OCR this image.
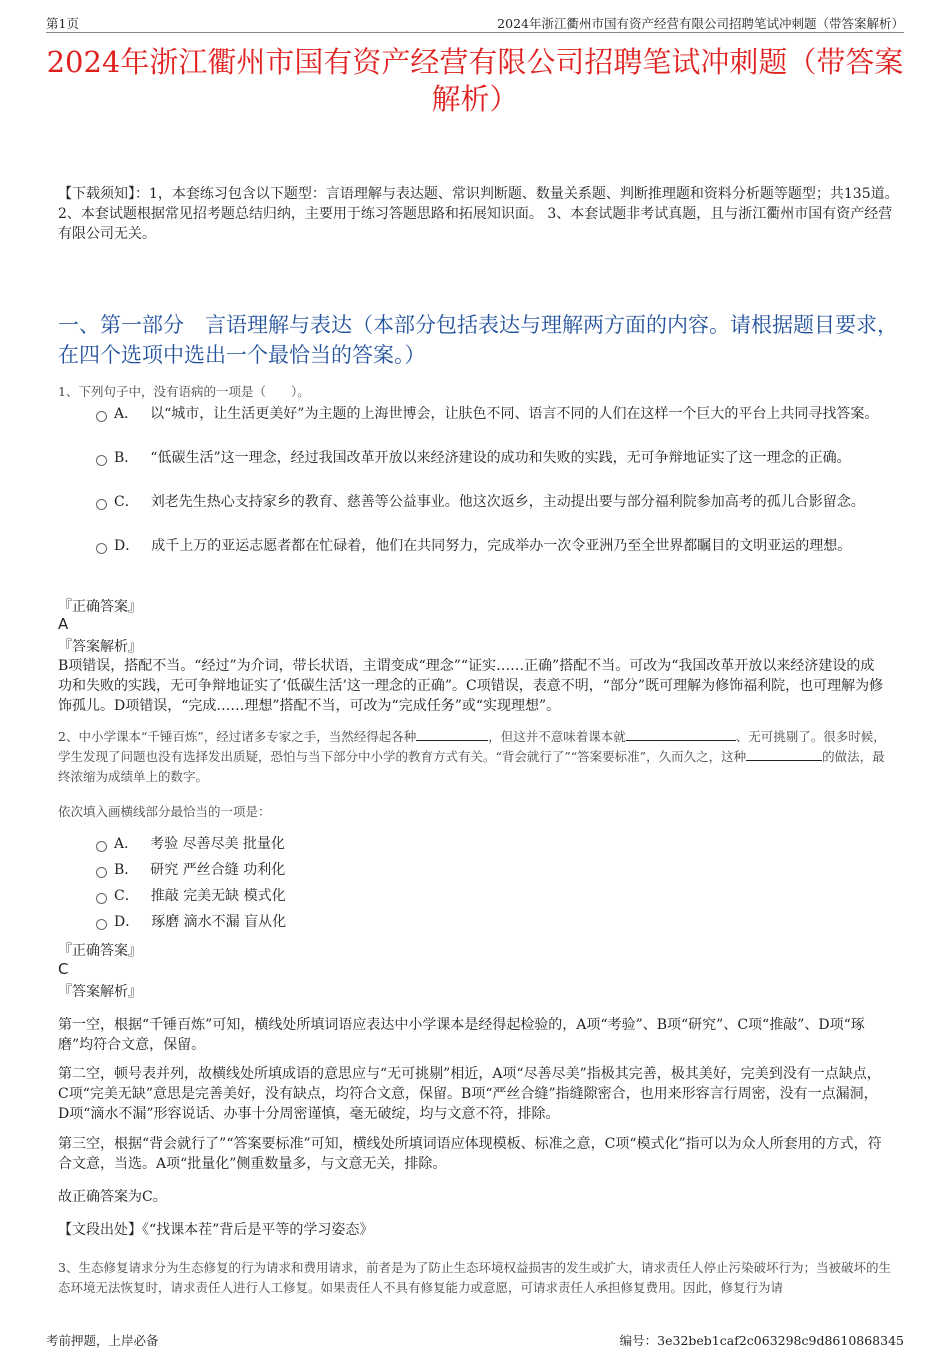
第1页	2024年浙江衢州市国有资产经营有限公司招聘笔试冲刺题（带答案解析）
2024年浙江衢州市国有资产经营有限公司招聘笔试冲刺题（带答案解析）

【下载须知】：1，本套练习包含以下题型：言语理解与表达题、常识判断题、数量关系题、判断推理题和资料分析题等题型；共135道。 2、本套试题根据常见招考题总结归纳，主要用于练习答题思路和拓展知识面。 3、本套试题非考试真题，且与浙江衢州市国有资产经营有限公司无关。

一、第一部分　言语理解与表达（本部分包括表达与理解两方面的内容。请根据题目要求，在四个选项中选出一个最恰当的答案。）

1、下列句子中，没有语病的一项是（　　）。

A． 以“城市，让生活更美好”为主题的上海世博会，让肤色不同、语言不同的人们在这样一个巨大的平台上共同寻找答案。
B． “低碳生活”这一理念，经过我国改革开放以来经济建设的成功和失败的实践，无可争辩地证实了这一理念的正确。
C． 刘老先生热心支持家乡的教育、慈善等公益事业。他这次返乡，主动提出要与部分福利院参加高考的孤儿合影留念。
D． 成千上万的亚运志愿者都在忙碌着，他们在共同努力，完成举办一次令亚洲乃至全世界都瞩目的文明亚运的理想。
『正确答案』
A
『答案解析』

B项错误，搭配不当。“经过”为介词，带长状语，主谓变成“理念”“证实……正确”搭配不当。可改为“我国改革开放以来经济建设的成功和失败的实践，无可争辩地证实了‘低碳生活’这一理念的正确”。C项错误，表意不明，“部分”既可理解为修饰福利院，也可理解为修饰孤儿。D项错误，“完成……理想”搭配不当，可改为“完成任务”或“实现理想”。

2、中小学课本“千锤百炼”，经过诸多专家之手，当然经得起各种	，但这并不意味着课本就	、无可挑剔了。很多时候，学生发现了问题也没有选择发出质疑，恐怕与当下部分中小学的教育方式有关。“背会就行了”“答案要标准”，久而久之，这种	的做法，最终浓缩为成绩单上的数字。

依次填入画横线部分最恰当的一项是：

A． 考验 尽善尽美 批量化
B． 研究 严丝合缝 功利化
C． 推敲 完美无缺 模式化
D． 琢磨 滴水不漏 盲从化
『正确答案』
C
『答案解析』

第一空，根据“千锤百炼”可知，横线处所填词语应表达中小学课本是经得起检验的，A项“考验”、B项“研究”、C项“推敲”、D项“琢磨”均符合文意，保留。

第二空，顿号表并列，故横线处所填成语的意思应与“无可挑剔”相近，A项“尽善尽美”指极其完善，极其美好，完美到没有一点缺点，C项“完美无缺”意思是完善美好，没有缺点，均符合文意，保留。B项“严丝合缝”指缝隙密合，也用来形容言行周密，没有一点漏洞，D项“滴水不漏”形容说话、办事十分周密谨慎，毫无破绽，均与文意不符，排除。

第三空，根据“背会就行了”“答案要标准”可知，横线处所填词语应体现模板、标准之意，C项“模式化”指可以为众人所套用的方式，符合文意，当选。A项“批量化”侧重数量多，与文意无关，排除。

故正确答案为C。

【文段出处】《“找课本茬”背后是平等的学习姿态》

3、生态修复请求分为生态修复的行为请求和费用请求，前者是为了防止生态环境权益损害的发生或扩大，请求责任人停止污染破坏行为；当被破坏的生态环境无法恢复时，请求责任人进行人工修复。如果责任人不具有修复能力或意愿，可请求责任人承担修复费用。因此，修复行为请

考前押题，上岸必备	编号：3e32beb1caf2c063298c9d8610868345
